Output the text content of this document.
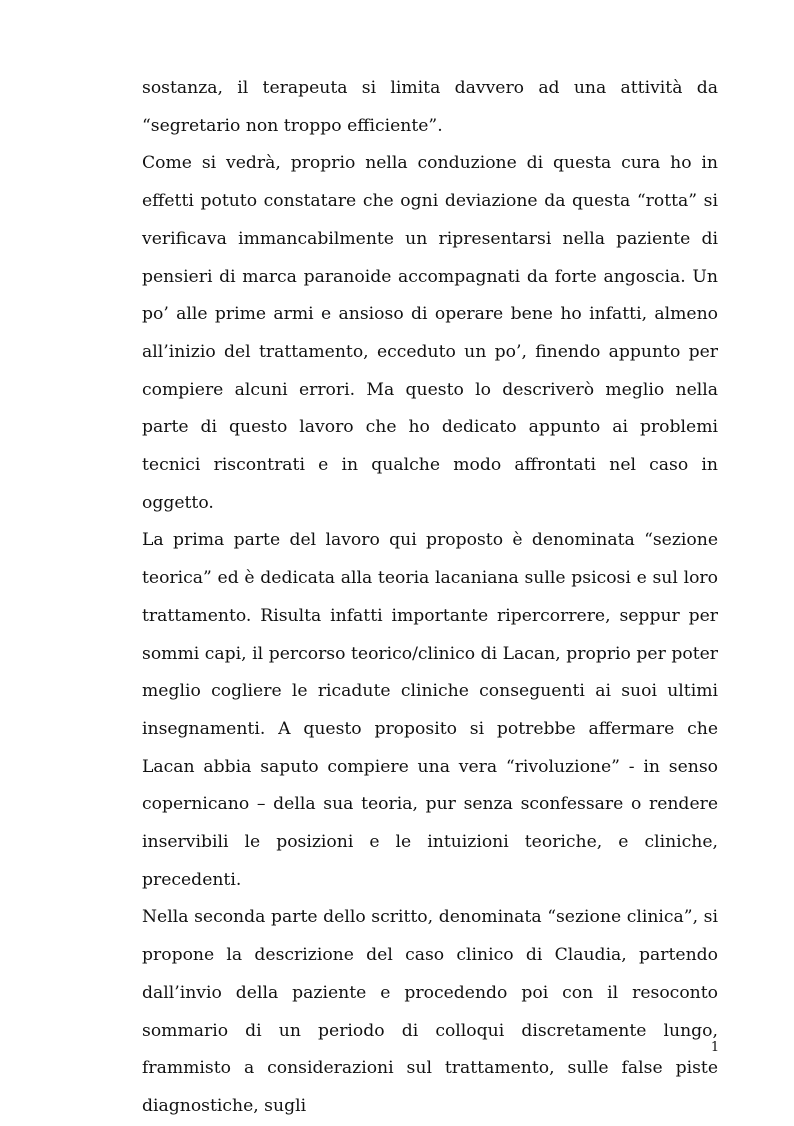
sostanza, il terapeuta si limita davvero ad una attività da “segretario non troppo efficiente”.

Come si vedrà, proprio nella conduzione di questa cura ho in effetti potuto constatare che ogni deviazione da questa “rotta” si verificava immancabilmente un ripresentarsi nella paziente di pensieri di marca paranoide accompagnati da forte angoscia. Un po’ alle prime armi e ansioso di operare bene ho infatti, almeno all’inizio del trattamento, ecceduto un po’, finendo appunto per compiere alcuni errori. Ma questo lo descriverò meglio nella parte di questo lavoro che ho dedicato appunto ai problemi tecnici riscontrati e in qualche modo affrontati nel caso in oggetto.

La prima parte del lavoro qui proposto è denominata “sezione teorica” ed è dedicata alla teoria lacaniana sulle psicosi e sul loro trattamento. Risulta infatti importante ripercorrere, seppur per sommi capi, il percorso teorico/clinico di Lacan, proprio per poter meglio cogliere le ricadute cliniche conseguenti ai suoi ultimi insegnamenti. A questo proposito si potrebbe affermare che Lacan abbia saputo compiere una vera “rivoluzione” - in senso copernicano – della sua teoria, pur senza sconfessare o rendere inservibili le posizioni e le intuizioni teoriche, e cliniche, precedenti.

Nella seconda parte dello scritto, denominata “sezione clinica”, si propone la descrizione del caso clinico di Claudia, partendo dall’invio della paziente e procedendo poi con il resoconto sommario di un periodo di colloqui discretamente lungo, frammisto a considerazioni sul trattamento, sulle false piste diagnostiche, sugli

1
